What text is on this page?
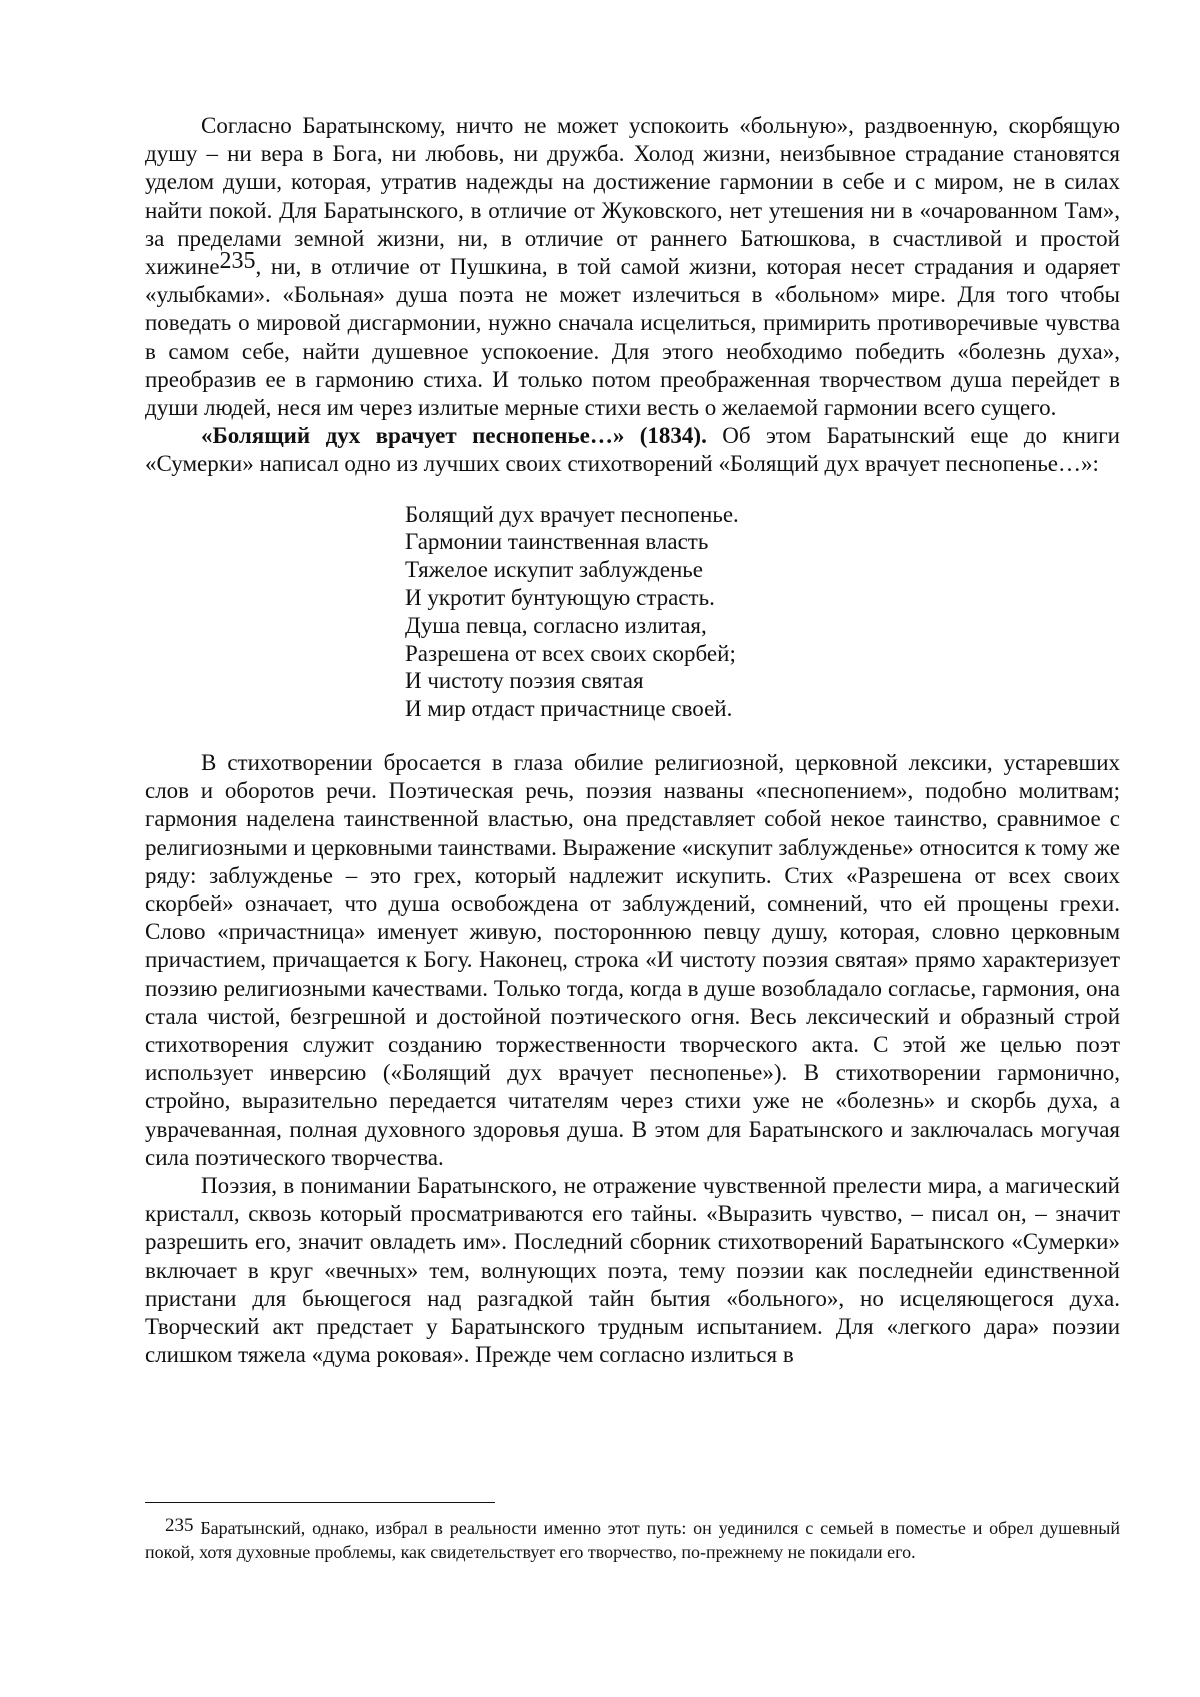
Согласно Баратынскому, ничто не может успокоить «больную», раздвоенную, скорбящую душу – ни вера в Бога, ни любовь, ни дружба. Холод жизни, неизбывное страдание становятся уделом души, которая, утратив надежды на достижение гармонии в себе и с миром, не в силах найти покой. Для Баратынского, в отличие от Жуковского, нет утешения ни в «очарованном Там», за пределами земной жизни, ни, в отличие от раннего Батюшкова, в счастливой и простой хижине235, ни, в отличие от Пушкина, в той самой жизни, которая несет страдания и одаряет «улыбками». «Больная» душа поэта не может излечиться в «больном» мире. Для того чтобы поведать о мировой дисгармонии, нужно сначала исцелиться, примирить противоречивые чувства в самом себе, найти душевное успокоение. Для этого необходимо победить «болезнь духа», преобразив ее в гармонию стиха. И только потом преображенная творчеством душа перейдет в души людей, неся им через излитые мерные стихи весть о желаемой гармонии всего сущего.

«Болящий дух врачует песнопенье…» (1834). Об этом Баратынский еще до книги «Сумерки» написал одно из лучших своих стихотворений «Болящий дух врачует песнопенье…»:

Болящий дух врачует песнопенье.
Гармонии таинственная власть
Тяжелое искупит заблужденье
И укротит бунтующую страсть.
Душа певца, согласно излитая,
Разрешена от всех своих скорбей;
И чистоту поэзия святая
И мир отдаст причастнице своей.

В стихотворении бросается в глаза обилие религиозной, церковной лексики, устаревших слов и оборотов речи. Поэтическая речь, поэзия названы «песнопением», подобно молитвам; гармония наделена таинственной властью, она представляет собой некое таинство, сравнимое с религиозными и церковными таинствами. Выражение «искупит заблужденье» относится к тому же ряду: заблужденье – это грех, который надлежит искупить. Стих «Разрешена от всех своих скорбей» означает, что душа освобождена от заблуждений, сомнений, что ей прощены грехи. Слово «причастница» именует живую, постороннюю певцу душу, которая, словно церковным причастием, причащается к Богу. Наконец, строка «И чистоту поэзия святая» прямо характеризует поэзию религиозными качествами. Только тогда, когда в душе возобладало согласье, гармония, она стала чистой, безгрешной и достойной поэтического огня. Весь лексический и образный строй стихотворения служит созданию торжественности творческого акта. С этой же целью поэт использует инверсию («Болящий дух врачует песнопенье»). В стихотворении гармонично, стройно, выразительно передается читателям через стихи уже не «болезнь» и скорбь духа, а уврачеванная, полная духовного здоровья душа. В этом для Баратынского и заключалась могучая сила поэтического творчества.

Поэзия, в понимании Баратынского, не отражение чувственной прелести мира, а магический кристалл, сквозь который просматриваются его тайны. «Выразить чувство, – писал он, – значит разрешить его, значит овладеть им». Последний сборник стихотворений Баратынского «Сумерки» включает в круг «вечных» тем, волнующих поэта, тему поэзии как последнейи единственной пристани для бьющегося над разгадкой тайн бытия «больного», но исцеляющегося духа. Творческий акт предстает у Баратынского трудным испытанием. Для «легкого дара» поэзии слишком тяжела «дума роковая». Прежде чем согласно излиться в

235 Баратынский, однако, избрал в реальности именно этот путь: он уединился с семьей в поместье и обрел душевный покой, хотя духовные проблемы, как свидетельствует его творчество, по-прежнему не покидали его.
